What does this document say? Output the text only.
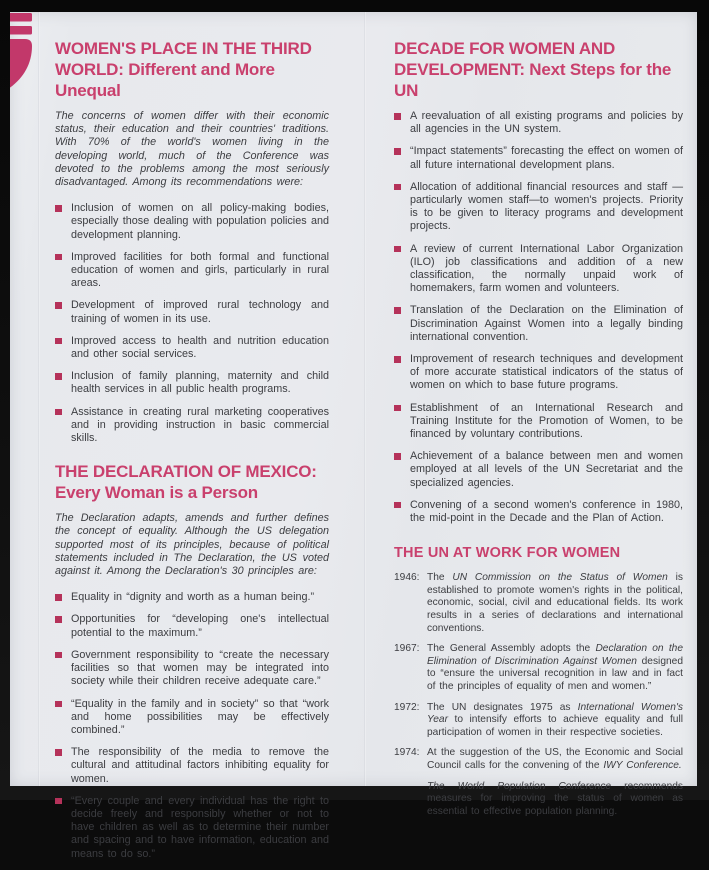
WOMEN'S PLACE IN THE THIRD
WORLD: Different and More Unequal

The concerns of women differ with their economic status, their education and their countries' traditions. With 70% of the world's women living in the developing world, much of the Conference was devoted to the problems among the most seriously disadvantaged. Among its recommendations were:

Inclusion of women on all policy-making bodies, especially those dealing with population policies and development planning.
Improved facilities for both formal and functional education of women and girls, particularly in rural areas.
Development of improved rural technology and training of women in its use.
Improved access to health and nutrition education and other social services.
Inclusion of family planning, maternity and child health services in all public health programs.
Assistance in creating rural marketing cooperatives and in providing instruction in basic commercial skills.
THE DECLARATION OF MEXICO:
Every Woman is a Person

The Declaration adapts, amends and further defines the concept of equality. Although the US delegation supported most of its principles, because of political statements included in The Declaration, the US voted against it. Among the Declaration's 30 principles are:

Equality in “dignity and worth as a human being.”
Opportunities for “developing one's intellectual potential to the maximum.”
Government responsibility to “create the necessary facilities so that women may be integrated into society while their children receive adequate care.”
“Equality in the family and in society” so that “work and home possibilities may be effectively combined.”
The responsibility of the media to remove the cultural and attitudinal factors inhibiting equality for women.
“Every couple and every individual has the right to decide freely and responsibly whether or not to have children as well as to determine their number and spacing and to have information, education and means to do so.”
DECADE FOR WOMEN AND
DEVELOPMENT: Next Steps for the UN
A reevaluation of all existing programs and policies by all agencies in the UN system.
“Impact statements” forecasting the effect on women of all future international development plans.
Allocation of additional financial resources and staff —particularly women staff—to women's projects. Priority is to be given to literacy programs and development projects.
A review of current International Labor Organization (ILO) job classifications and addition of a new classification, the normally unpaid work of homemakers, farm women and volunteers.
Translation of the Declaration on the Elimination of Discrimination Against Women into a legally binding international convention.
Improvement of research techniques and development of more accurate statistical indicators of the status of women on which to base future programs.
Establishment of an International Research and Training Institute for the Promotion of Women, to be financed by voluntary contributions.
Achievement of a balance between men and women employed at all levels of the UN Secretariat and the specialized agencies.
Convening of a second women's conference in 1980, the mid-point in the Decade and the Plan of Action.
THE UN AT WORK FOR WOMEN
1946: The UN Commission on the Status of Women is established to promote women's rights in the political, economic, social, civil and educational fields. Its work results in a series of declarations and international conventions.

1967: The General Assembly adopts the Declaration on the Elimination of Discrimination Against Women designed to “ensure the universal recognition in law and in fact of the principles of equality of men and women.”

1972: The UN designates 1975 as International Women's Year to intensify efforts to achieve equality and full participation of women in their respective societies.

1974: At the suggestion of the US, the Economic and Social Council calls for the convening of the IWY Conference.

The World Population Conference recommends measures for improving the status of women as essential to effective population planning.
